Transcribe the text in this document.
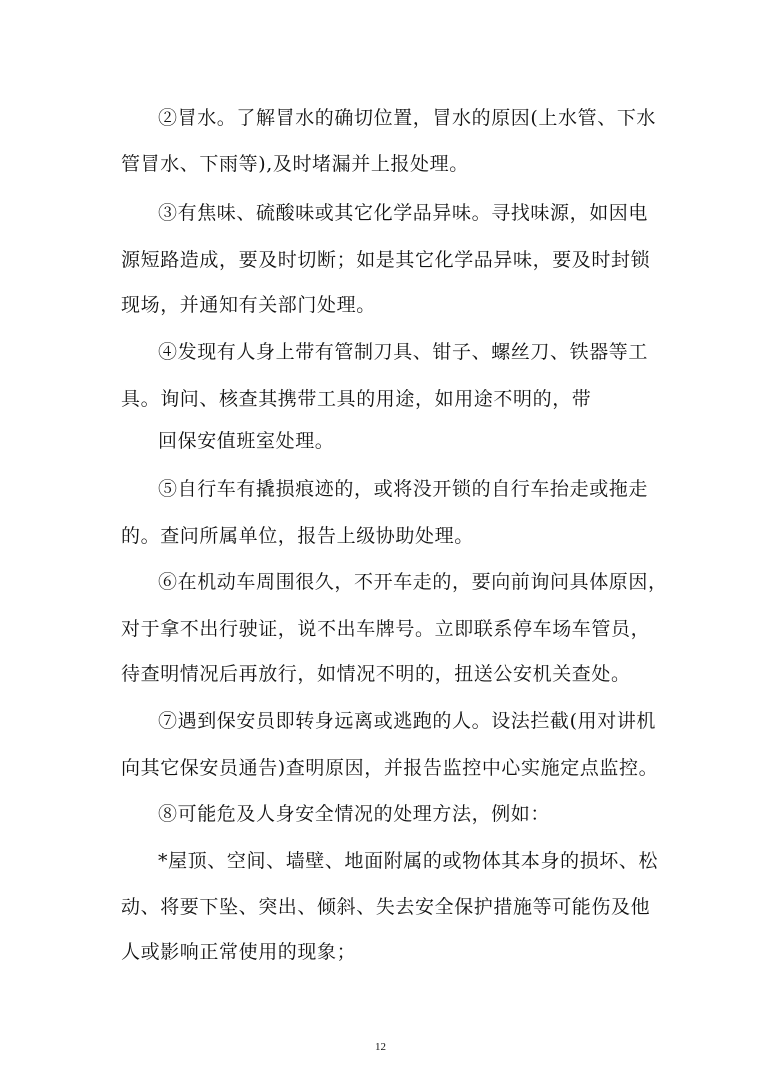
②冒水。了解冒水的确切位置，冒水的原因(上水管、下水
管冒水、下雨等),及时堵漏并上报处理。
③有焦味、硫酸味或其它化学品异味。寻找味源，如因电
源短路造成，要及时切断；如是其它化学品异味，要及时封锁
现场，并通知有关部门处理。
④发现有人身上带有管制刀具、钳子、螺丝刀、铁器等工
具。询问、核查其携带工具的用途，如用途不明的，带
回保安值班室处理。
⑤自行车有撬损痕迹的，或将没开锁的自行车抬走或拖走
的。查问所属单位，报告上级协助处理。
⑥在机动车周围很久，不开车走的，要向前询问具体原因，
对于拿不出行驶证，说不出车牌号。立即联系停车场车管员，
待查明情况后再放行，如情况不明的，扭送公安机关查处。
⑦遇到保安员即转身远离或逃跑的人。设法拦截(用对讲机
向其它保安员通告)查明原因，并报告监控中心实施定点监控。
⑧可能危及人身安全情况的处理方法，例如：
*屋顶、空间、墙壁、地面附属的或物体其本身的损坏、松
动、将要下坠、突出、倾斜、失去安全保护措施等可能伤及他
人或影响正常使用的现象；
12
